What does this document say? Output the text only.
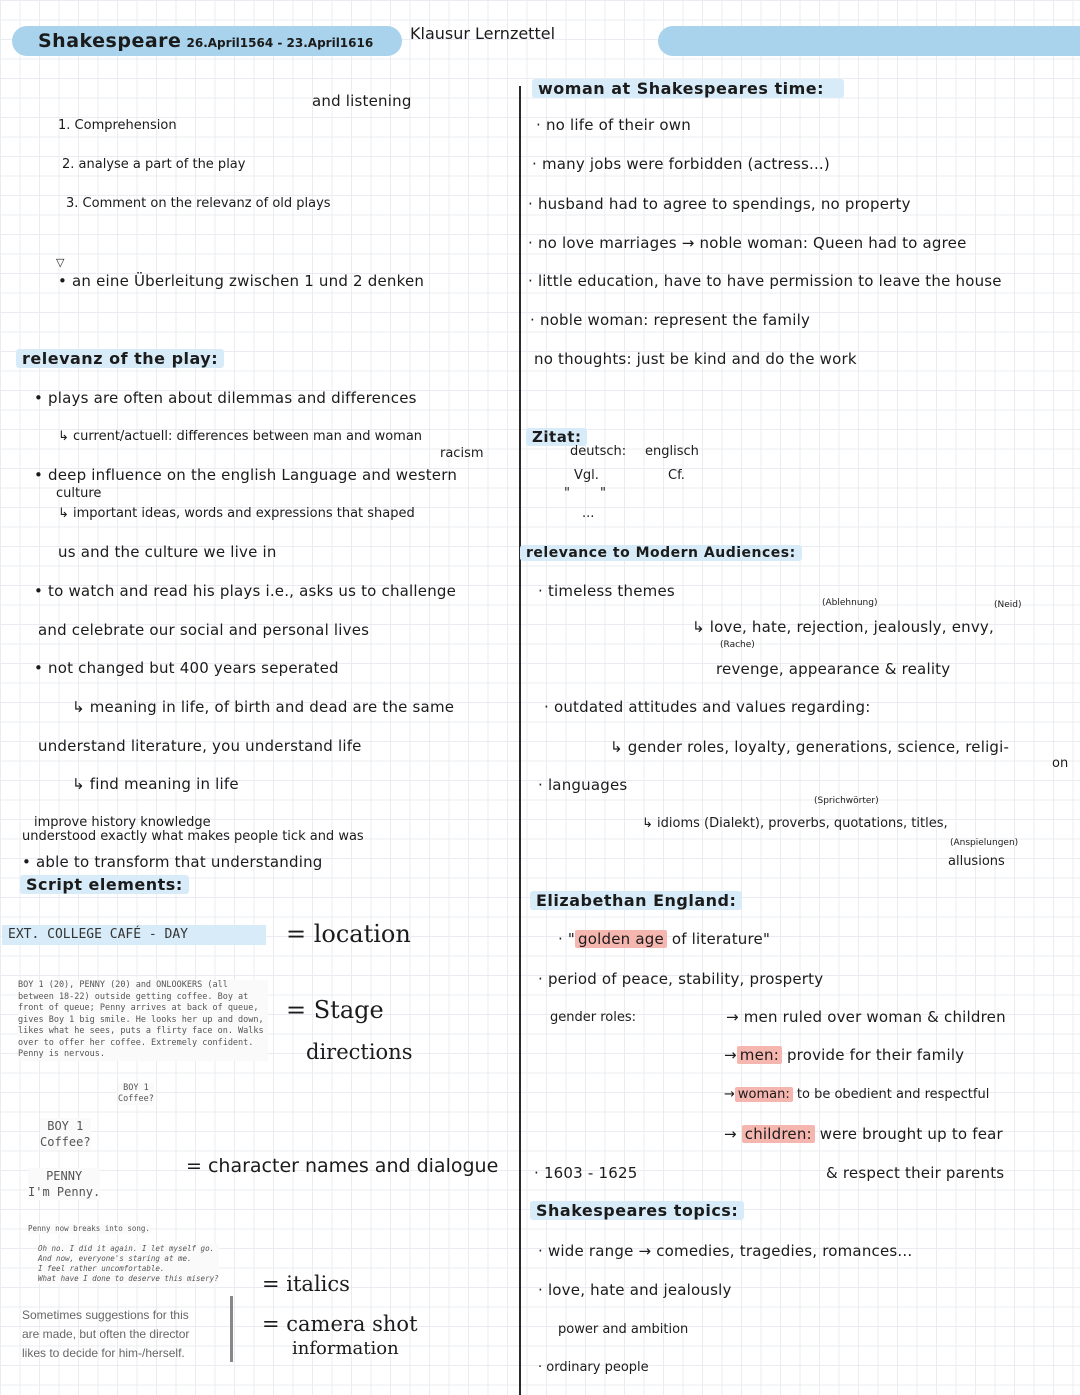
Shakespeare 26.April1564 - 23.April1616 Klausur Lernzettel
and listening
1. Comprehension
2. analyse a part of the play
3. Comment on the relevanz of old plays
▽
• an eine Überleitung zwischen 1 und 2 denken
relevanz of the play:
• plays are often about dilemmas and differences
↳ current/actuell: differences between man and woman
racism
• deep influence on the english Language and western
culture
↳ important ideas, words and expressions that shaped
us and the culture we live in
• to watch and read his plays i.e., asks us to challenge
and celebrate our social and personal lives
• not changed but 400 years seperated
↳ meaning in life, of birth and dead are the same
understand literature, you understand life
↳ find meaning in life
improve history knowledge
understood exactly what makes people tick and was
• able to transform that understanding
Script elements:
EXT. COLLEGE CAFÉ - DAY	= location
BOY 1 (20), PENNY (20) and ONLOOKERS (all between 18-22) outside getting coffee. Boy at front of queue; Penny arrives at back of queue, gives Boy 1 big smile. He looks her up and down, likes what he sees, puts a flirty face on. Walks over to offer her coffee. Extremely confident. Penny is nervous.
= Stage
directions
BOY 1
Coffee?
BOY 1
Coffee?
PENNY
I'm Penny.
= character names and dialogue
Penny now breaks into song.
Oh no. I did it again. I let myself go.
And now, everyone's staring at me.
I feel rather uncomfortable.
What have I done to deserve this misery? = italics
Sometimes suggestions for this are made, but often the director likes to decide for him-/herself.
= camera shot
information
woman at Shakespeares time:
· no life of their own
· many jobs were forbidden (actress...)
· husband had to agree to spendings, no property
· no love marriages → noble woman: Queen had to agree
· little education, have to have permission to leave the house
· noble woman: represent the family
no thoughts: just be kind and do the work
Zitat:
deutsch: englisch
Vgl.	Cf.
" "
...
relevance to Modern Audiences:
· timeless themes
(Ablehnung)	(Neid)
↳ love, hate, rejection, jealously, envy,
(Rache)
revenge, appearance & reality
· outdated attitudes and values regarding:
↳ gender roles, loyalty, generations, science, religi-
on
· languages
(Sprichwörter)
↳ idioms (Dialekt), proverbs, quotations, titles,
(Anspielungen)
allusions
Elizabethan England:
· " golden age of literature"
· period of peace, stability, prosperty
gender roles:	→ men ruled over woman & children
→ men: provide for their family
→ woman: to be obedient and respectful
→ children: were brought up to fear
· 1603 - 1625	& respect their parents
Shakespeares topics:
· wide range → comedies, tragedies, romances...
· love, hate and jealously
power and ambition
· ordinary people
